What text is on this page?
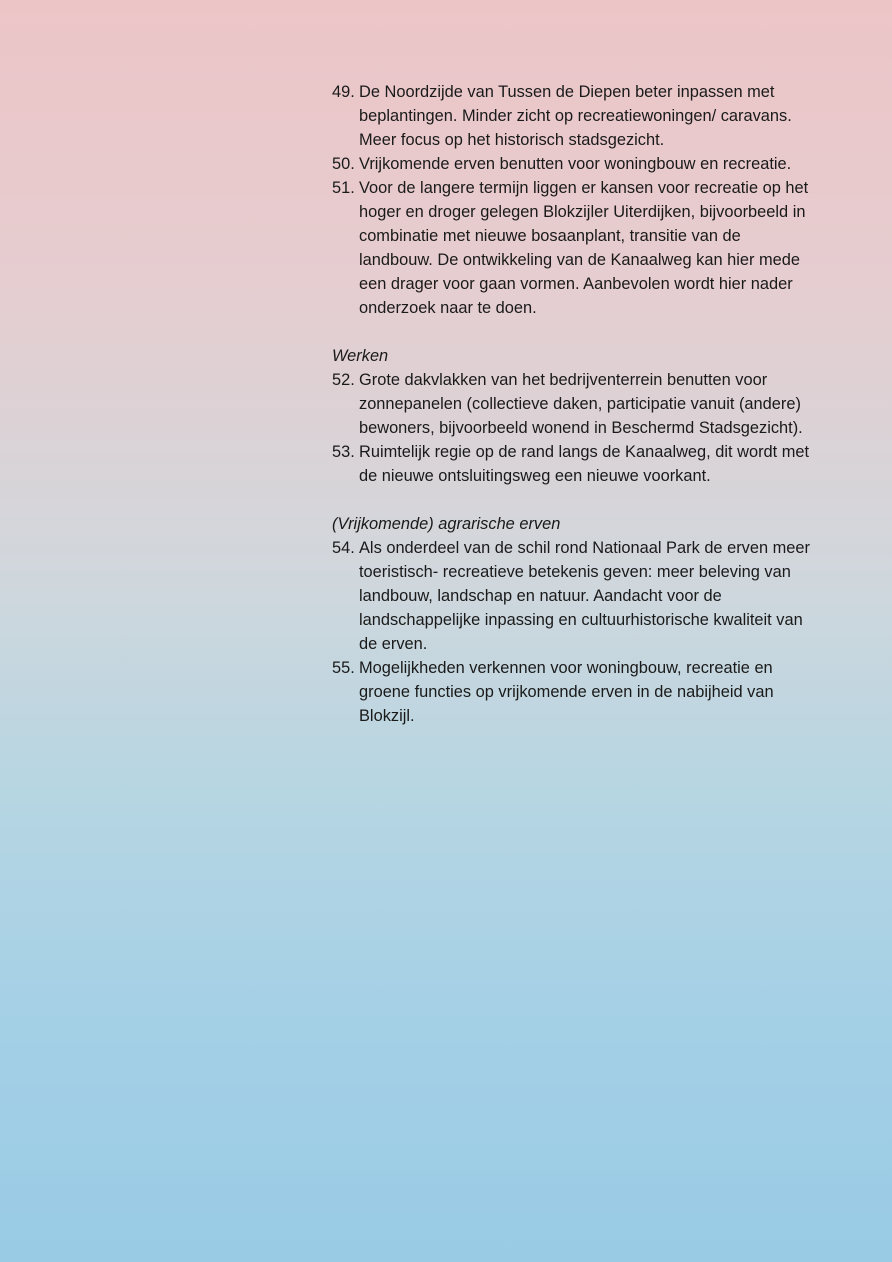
49. De Noordzijde van Tussen de Diepen beter inpassen met beplantingen. Minder zicht op recreatiewoningen/ caravans. Meer focus op het historisch stadsgezicht.
50. Vrijkomende erven benutten voor woningbouw en recreatie.
51. Voor de langere termijn liggen er kansen voor recreatie op het hoger en droger gelegen Blokzijler Uiterdijken, bijvoorbeeld in combinatie met nieuwe bosaanplant, transitie van de landbouw. De ontwikkeling van de Kanaalweg kan hier mede een drager voor gaan vormen. Aanbevolen wordt hier nader onderzoek naar te doen.
Werken
52. Grote dakvlakken van het bedrijventerrein benutten voor zonnepanelen (collectieve daken, participatie vanuit (andere) bewoners, bijvoorbeeld wonend in Beschermd Stadsgezicht).
53. Ruimtelijk regie op de rand langs de Kanaalweg, dit wordt met de nieuwe ontsluitingsweg een nieuwe voorkant.
(Vrijkomende) agrarische erven
54. Als onderdeel van de schil rond Nationaal Park de erven meer toeristisch- recreatieve betekenis geven: meer beleving van landbouw, landschap en natuur. Aandacht voor de landschappelijke inpassing en cultuurhistorische kwaliteit van de erven.
55. Mogelijkheden verkennen voor woningbouw, recreatie en groene functies op vrijkomende erven in de nabijheid van Blokzijl.
